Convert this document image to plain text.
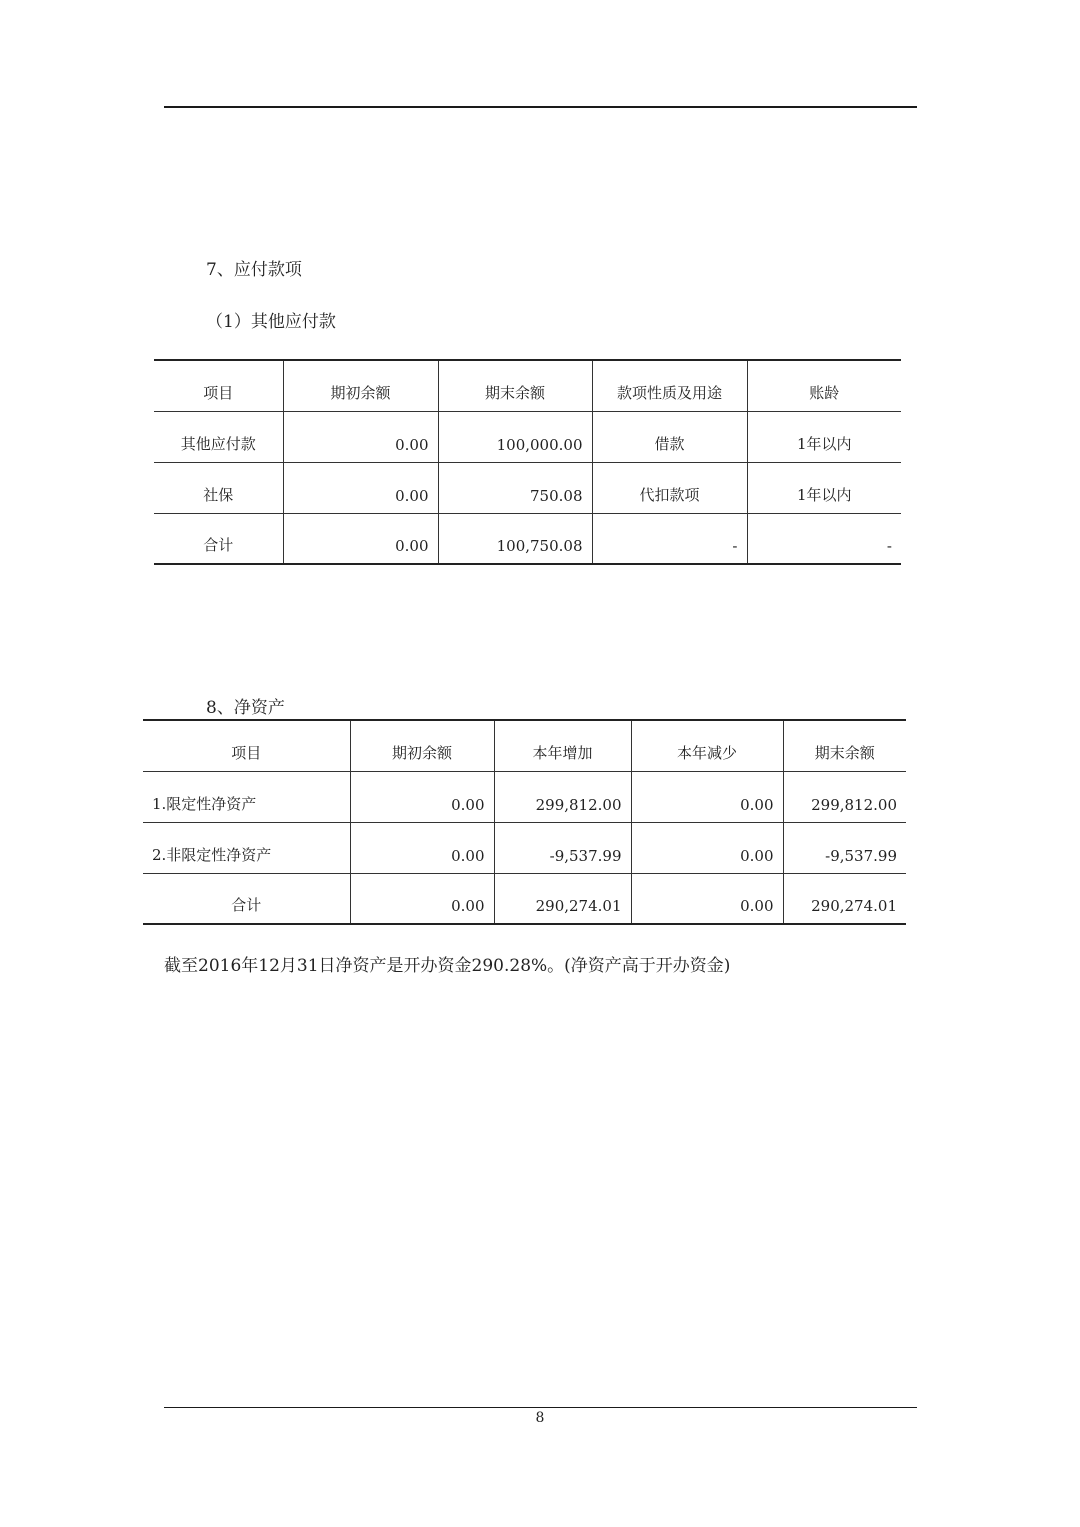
7、应付款项
（1）其他应付款
项目	期初余额	期末余额	款项性质及用途	账龄
其他应付款	0.00	100,000.00	借款	1年以内
社保	0.00	750.08	代扣款项	1年以内
合计	0.00	100,750.08	-	-
8、净资产
项目	期初余额	本年增加	本年减少	期末余额
1.限定性净资产	0.00	299,812.00	0.00	299,812.00
2.非限定性净资产	0.00	-9,537.99	0.00	-9,537.99
合计	0.00	290,274.01	0.00	290,274.01
截至2016年12月31日净资产是开办资金290.28%。(净资产高于开办资金)
8
